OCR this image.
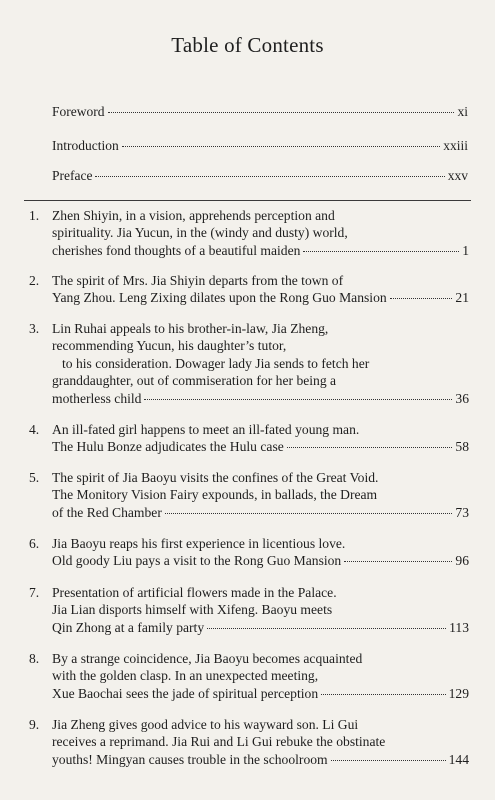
Table of Contents
Foreword	xi
Introduction	xxiii
Preface	xxv
1. Zhen Shiyin, in a vision, apprehends perception and
spirituality. Jia Yucun, in the (windy and dusty) world,
cherishes fond thoughts of a beautiful maiden	1
2. The spirit of Mrs. Jia Shiyin departs from the town of
Yang Zhou. Leng Zixing dilates upon the Rong Guo Mansion	21
3. Lin Ruhai appeals to his brother-in-law, Jia Zheng,
recommending Yucun, his daughter’s tutor,
to his consideration. Dowager lady Jia sends to fetch her
granddaughter, out of commiseration for her being a
motherless child	36
4. An ill-fated girl happens to meet an ill-fated young man.
The Hulu Bonze adjudicates the Hulu case	58
5. The spirit of Jia Baoyu visits the confines of the Great Void.
The Monitory Vision Fairy expounds, in ballads, the Dream
of the Red Chamber	73
6. Jia Baoyu reaps his first experience in licentious love.
Old goody Liu pays a visit to the Rong Guo Mansion	96
7. Presentation of artificial flowers made in the Palace.
Jia Lian disports himself with Xifeng. Baoyu meets
Qin Zhong at a family party	113
8. By a strange coincidence, Jia Baoyu becomes acquainted
with the golden clasp. In an unexpected meeting,
Xue Baochai sees the jade of spiritual perception	129
9. Jia Zheng gives good advice to his wayward son. Li Gui
receives a reprimand. Jia Rui and Li Gui rebuke the obstinate
youths! Mingyan causes trouble in the schoolroom	144
